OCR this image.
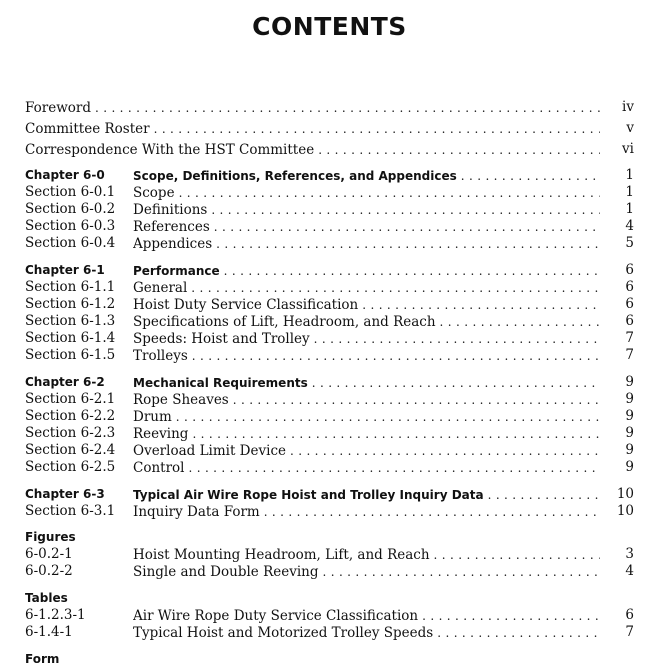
CONTENTS
Foreword . . .	iv
Committee Roster . . .	v
Correspondence With the HST Committee . . .	vi
Chapter 6-0 Scope, Definitions, References, and Appendices . . .	1
Section 6-0.1 Scope . . .	1
Section 6-0.2 Definitions . . .	1
Section 6-0.3 References . . .	4
Section 6-0.4 Appendices . . .	5
Chapter 6-1 Performance . . .	6
Section 6-1.1 General . . .	6
Section 6-1.2 Hoist Duty Service Classification . . .	6
Section 6-1.3 Specifications of Lift, Headroom, and Reach . . .	6
Section 6-1.4 Speeds: Hoist and Trolley . . .	7
Section 6-1.5 Trolleys . . .	7
Chapter 6-2 Mechanical Requirements . . .	9
Section 6-2.1 Rope Sheaves . . .	9
Section 6-2.2 Drum . . .	9
Section 6-2.3 Reeving . . .	9
Section 6-2.4 Overload Limit Device . . .	9
Section 6-2.5 Control . . .	9
Chapter 6-3 Typical Air Wire Rope Hoist and Trolley Inquiry Data . . .	10
Section 6-3.1 Inquiry Data Form . . .	10
Figures
6-0.2-1	Hoist Mounting Headroom, Lift, and Reach . . .	3
6-0.2-2	Single and Double Reeving . . .	4
Tables
6-1.2.3-1	Air Wire Rope Duty Service Classification . . .	6
6-1.4-1	Typical Hoist and Motorized Trolley Speeds . . .	7
Form
